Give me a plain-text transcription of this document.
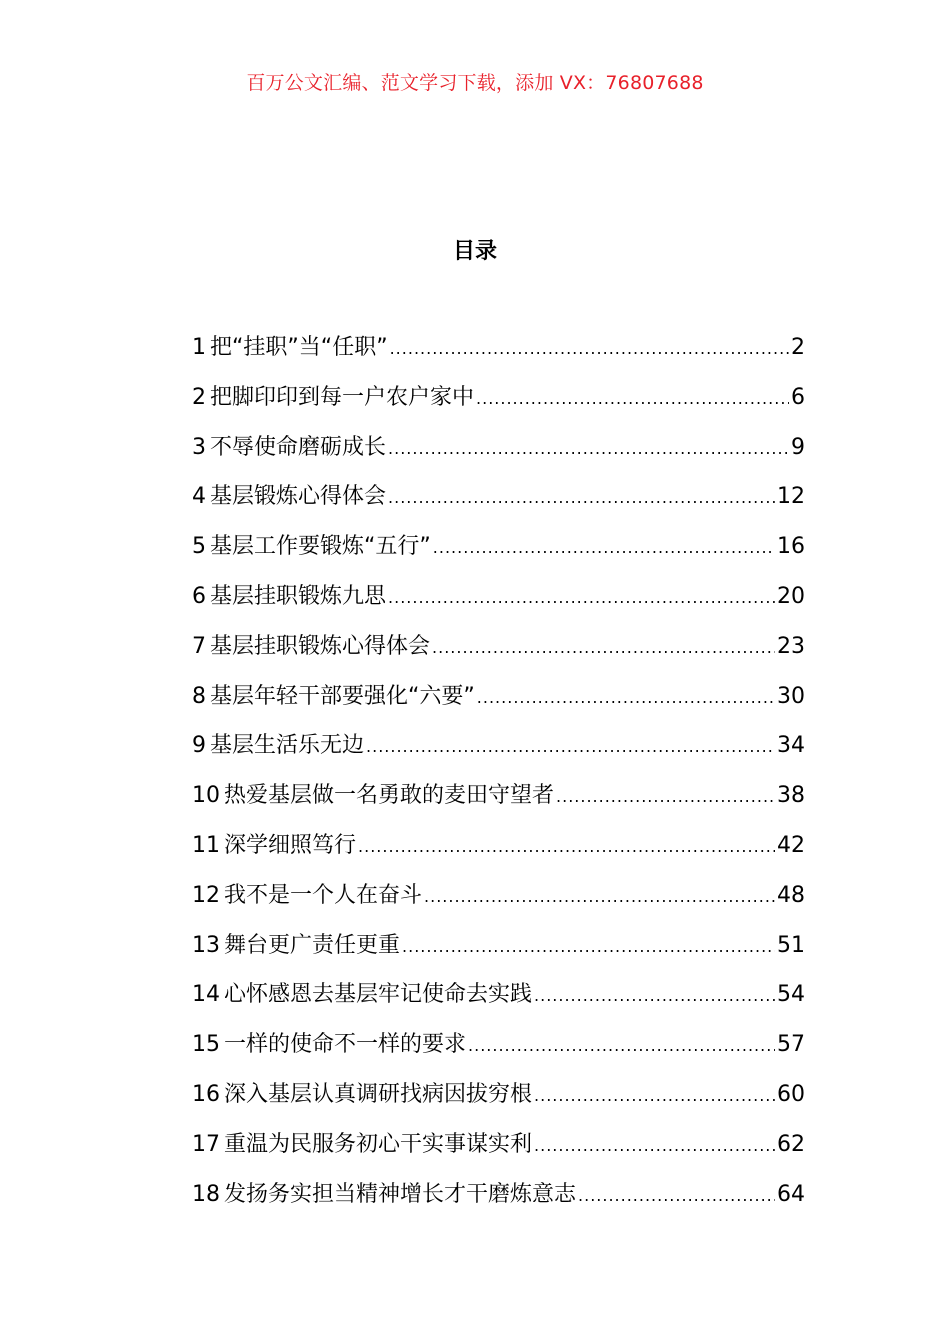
百万公文汇编、范文学习下载，添加 VX：76807688
目录
1 把“挂职”当“任职” .....	2
2 把脚印印到每一户农户家中 .....	6
3 不辱使命磨砺成长 .....	9
4 基层锻炼心得体会 .....	12
5 基层工作要锻炼“五行” .....	16
6 基层挂职锻炼九思 .....	20
7 基层挂职锻炼心得体会 .....	23
8 基层年轻干部要强化“六要” .....	30
9 基层生活乐无边 .....	34
10 热爱基层做一名勇敢的麦田守望者 .....	38
11 深学细照笃行 .....	42
12 我不是一个人在奋斗 .....	48
13 舞台更广责任更重 .....	51
14 心怀感恩去基层牢记使命去实践 .....	54
15 一样的使命不一样的要求 .....	57
16 深入基层认真调研找病因拔穷根 .....	60
17 重温为民服务初心干实事谋实利 .....	62
18 发扬务实担当精神增长才干磨炼意志 .....	64
